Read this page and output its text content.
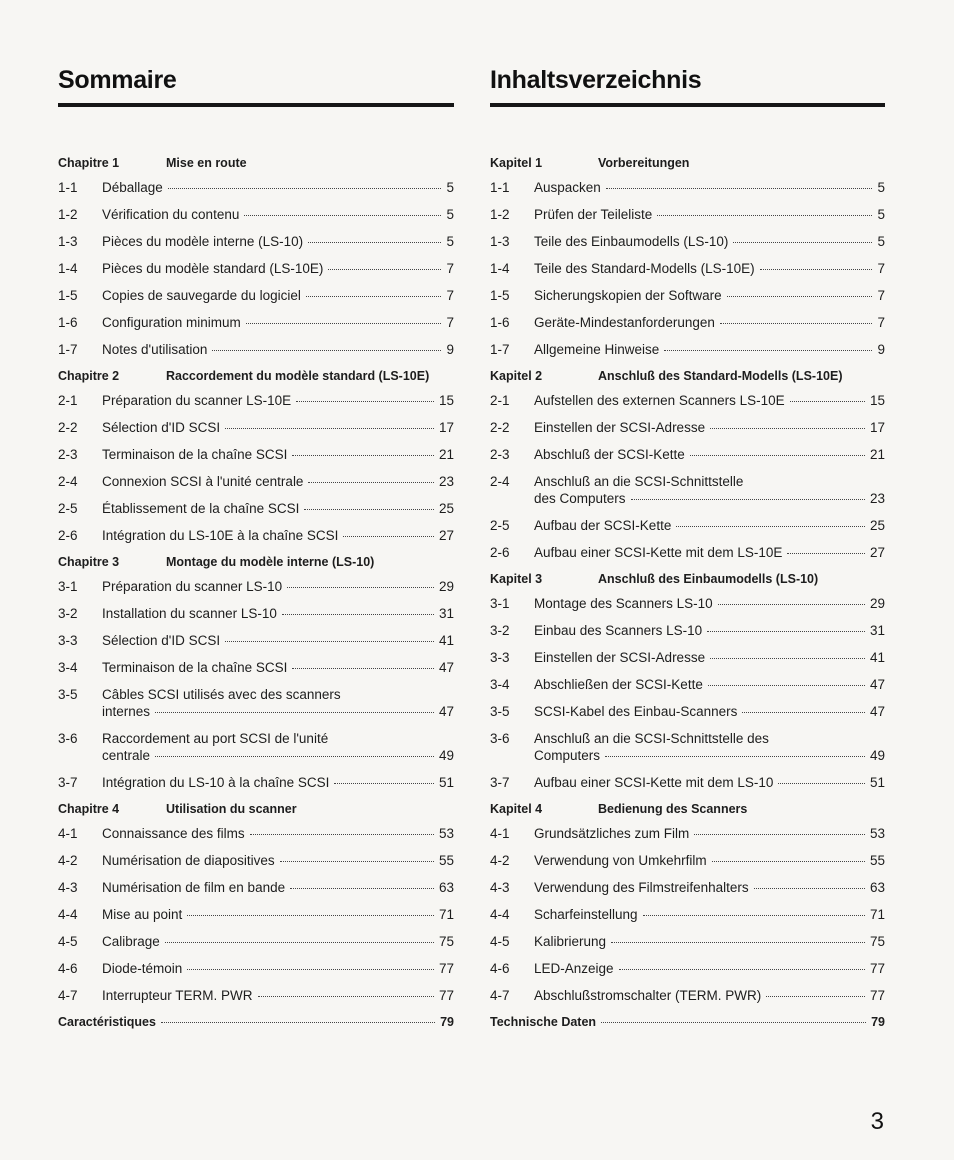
Sommaire
Chapitre 1	Mise en route
1-1	Déballage	5
1-2	Vérification du contenu	5
1-3	Pièces du modèle interne (LS-10)	5
1-4	Pièces du modèle standard (LS-10E)	7
1-5	Copies de sauvegarde du logiciel	7
1-6	Configuration minimum	7
1-7	Notes d'utilisation	9
Chapitre 2	Raccordement du modèle standard (LS-10E)
2-1	Préparation du scanner LS-10E	15
2-2	Sélection d'ID SCSI	17
2-3	Terminaison de la chaîne SCSI	21
2-4	Connexion SCSI à l'unité centrale	23
2-5	Établissement de la chaîne SCSI	25
2-6	Intégration du LS-10E à la chaîne SCSI	27
Chapitre 3	Montage du modèle interne (LS-10)
3-1	Préparation du scanner LS-10	29
3-2	Installation du scanner LS-10	31
3-3	Sélection d'ID SCSI	41
3-4	Terminaison de la chaîne SCSI	47
3-5	Câbles SCSI utilisés avec des scanners
internes	47
3-6	Raccordement au port SCSI de l'unité
centrale	49
3-7	Intégration du LS-10 à la chaîne SCSI	51
Chapitre 4	Utilisation du scanner
4-1	Connaissance des films	53
4-2	Numérisation de diapositives	55
4-3	Numérisation de film en bande	63
4-4	Mise au point	71
4-5	Calibrage	75
4-6	Diode-témoin	77
4-7	Interrupteur TERM. PWR	77
Caractéristiques	79
Inhaltsverzeichnis
Kapitel 1	Vorbereitungen
1-1	Auspacken	5
1-2	Prüfen der Teileliste	5
1-3	Teile des Einbaumodells (LS-10)	5
1-4	Teile des Standard-Modells (LS-10E)	7
1-5	Sicherungskopien der Software	7
1-6	Geräte-Mindestanforderungen	7
1-7	Allgemeine Hinweise	9
Kapitel 2	Anschluß des Standard-Modells (LS-10E)
2-1	Aufstellen des externen Scanners LS-10E	15
2-2	Einstellen der SCSI-Adresse	17
2-3	Abschluß der SCSI-Kette	21
2-4	Anschluß an die SCSI-Schnittstelle
des Computers	23
2-5	Aufbau der SCSI-Kette	25
2-6	Aufbau einer SCSI-Kette mit dem LS-10E	27
Kapitel 3	Anschluß des Einbaumodells (LS-10)
3-1	Montage des Scanners LS-10	29
3-2	Einbau des Scanners LS-10	31
3-3	Einstellen der SCSI-Adresse	41
3-4	Abschließen der SCSI-Kette	47
3-5	SCSI-Kabel des Einbau-Scanners	47
3-6	Anschluß an die SCSI-Schnittstelle des
Computers	49
3-7	Aufbau einer SCSI-Kette mit dem LS-10	51
Kapitel 4	Bedienung des Scanners
4-1	Grundsätzliches zum Film	53
4-2	Verwendung von Umkehrfilm	55
4-3	Verwendung des Filmstreifenhalters	63
4-4	Scharfeinstellung	71
4-5	Kalibrierung	75
4-6	LED-Anzeige	77
4-7	Abschlußstromschalter (TERM. PWR)	77
Technische Daten	79
3
